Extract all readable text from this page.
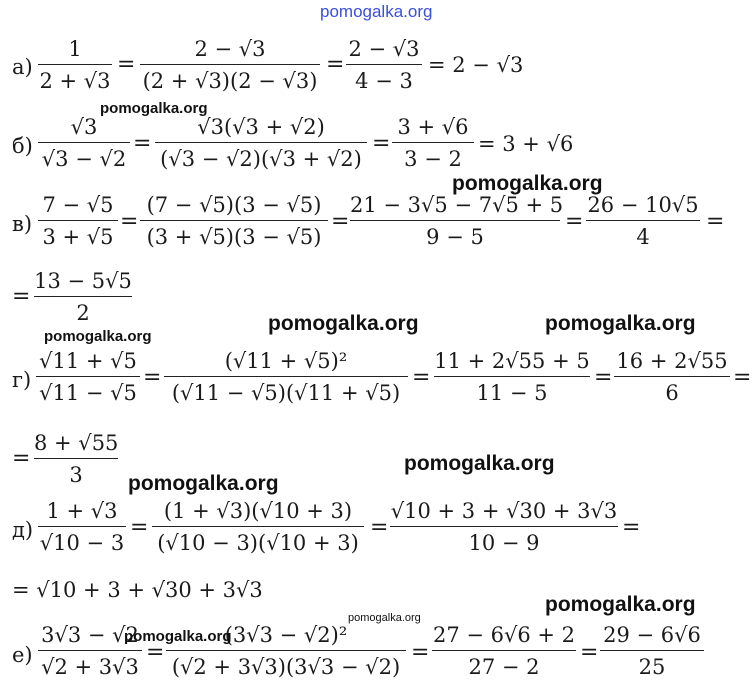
pomogalka.org
а)
1
2 + √3
=
2 − √3
(2 + √3)(2 − √3)
=
2 − √3
4 − 3
= 2 − √3
pomogalka.org
б)
√3
√3 − √2
=
√3(√3 + √2)
(√3 − √2)(√3 + √2)
=
3 + √6
3 − 2
= 3 + √6
pomogalka.org
в)
7 − √5
3 + √5
=
(7 − √5)(3 − √5)
(3 + √5)(3 − √5)
=
21 − 3√5 − 7√5 + 5
9 − 5
=
26 − 10√5
4
=
=
13 − 5√5
2
pomogalka.org
pomogalka.org	pomogalka.org
г)
√11 + √5
√11 − √5
=
(√11 + √5)²
(√11 − √5)(√11 + √5)
=
11 + 2√55 + 5
11 − 5
=
16 + 2√55
6
=
=
8 + √55
3	pomogalka.org
pomogalka.org
д)
1 + √3
√10 − 3
=
(1 + √3)(√10 + 3)
(√10 − 3)(√10 + 3)
=
√10 + 3 + √30 + 3√3
10 − 9
=
= √10 + 3 + √30 + 3√3
pomogalka.org
pomogalka.org
е)
3√3 − √2
√2 + 3√3
=
(3√3 − √2)²
(√2 + 3√3)(3√3 − √2)
=
27 − 6√6 + 2
27 − 2
=
29 − 6√6
25
pomogalka.org
